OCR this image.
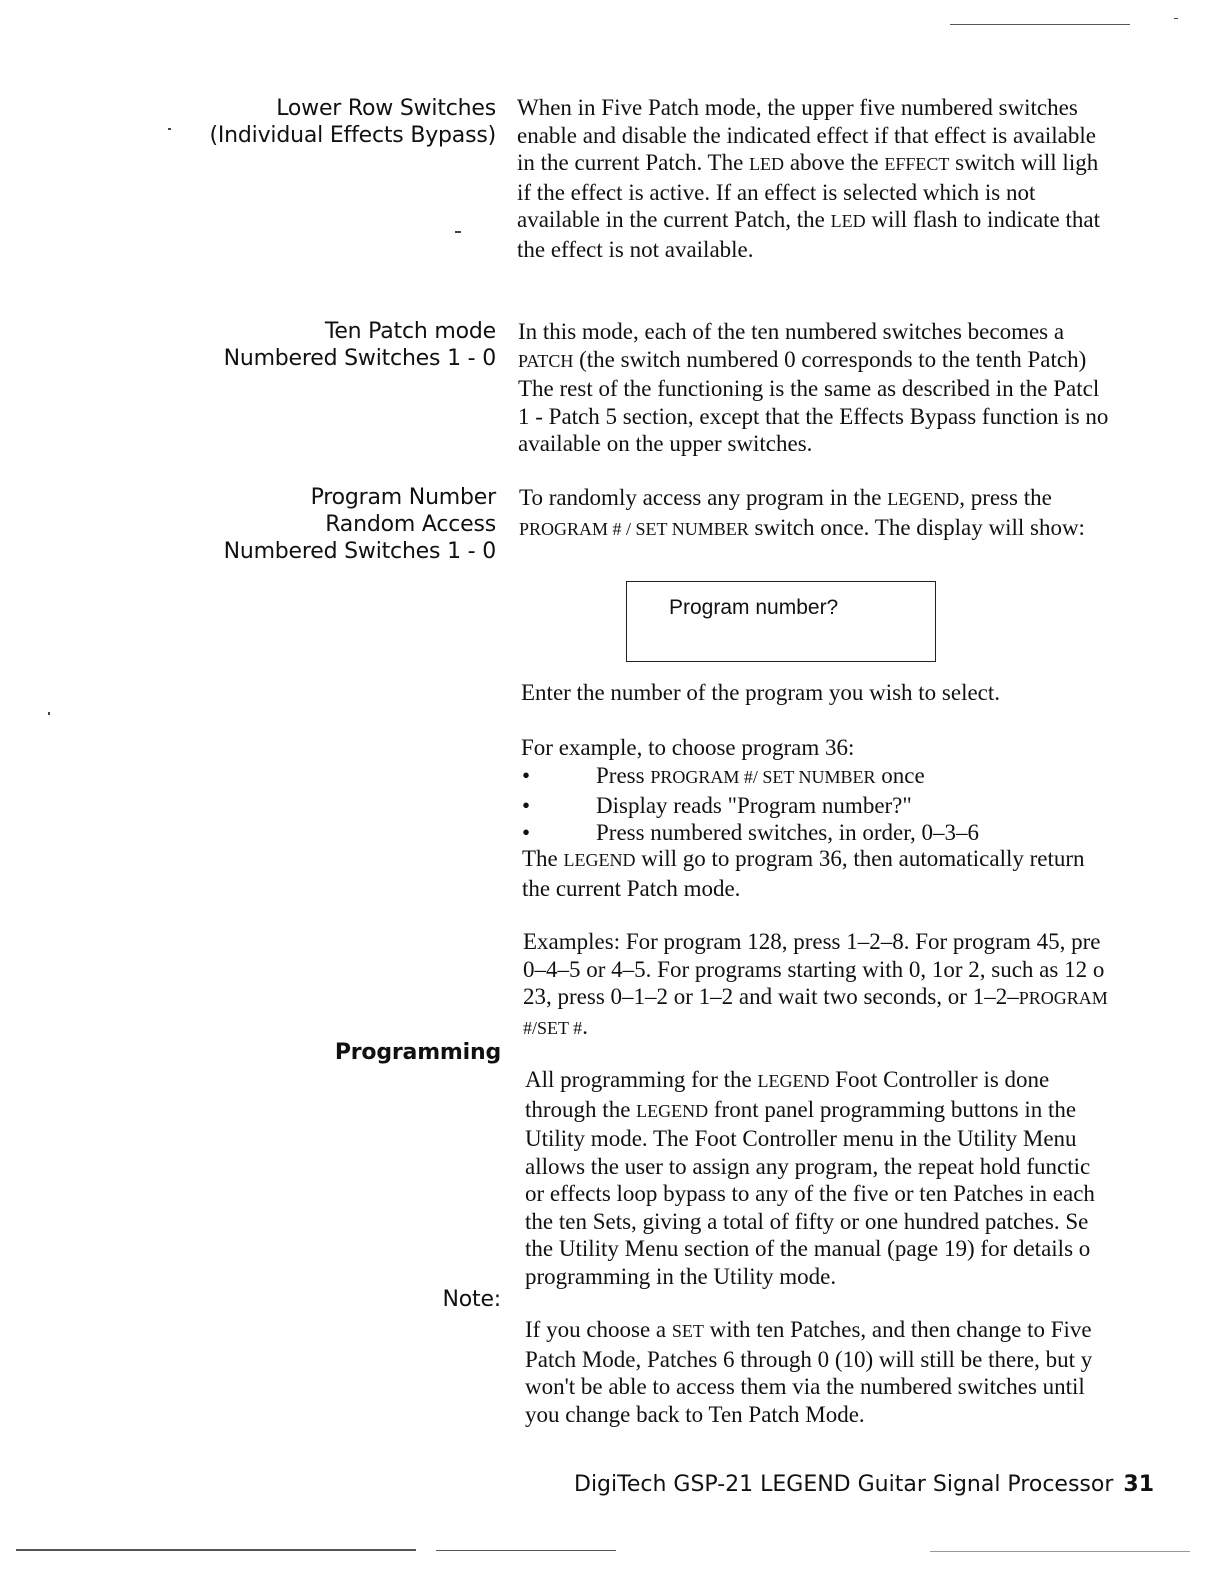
Lower Row Switches
(Individual Effects Bypass)
When in Five Patch mode, the upper five numbered switches
enable and disable the indicated effect if that effect is available
in the current Patch. The LED above the EFFECT switch will ligh
if the effect is active. If an effect is selected which is not
available in the current Patch, the LED will flash to indicate that
the effect is not available.
Ten Patch mode
Numbered Switches 1 - 0
In this mode, each of the ten numbered switches becomes a
PATCH (the switch numbered 0 corresponds to the tenth Patch)
The rest of the functioning is the same as described in the Patcl
1 - Patch 5 section, except that the Effects Bypass function is no
available on the upper switches.
Program Number
Random Access
Numbered Switches 1 - 0
To randomly access any program in the LEGEND, press the
PROGRAM # / SET NUMBER switch once. The display will show:
Program number?
Enter the number of the program you wish to select.
For example, to choose program 36:
•	Press PROGRAM #/ SET NUMBER once
•	Display reads "Program number?"
•	Press numbered switches, in order, 0–3–6
The LEGEND will go to program 36, then automatically return
the current Patch mode.
Examples: For program 128, press 1–2–8. For program 45, pre
0–4–5 or 4–5. For programs starting with 0, 1or 2, such as 12 o
23, press 0–1–2 or 1–2 and wait two seconds, or 1–2–PROGRAM
#/SET #.
Programming
All programming for the LEGEND Foot Controller is done
through the LEGEND front panel programming buttons in the
Utility mode. The Foot Controller menu in the Utility Menu
allows the user to assign any program, the repeat hold functic
or effects loop bypass to any of the five or ten Patches in each
the ten Sets, giving a total of fifty or one hundred patches. Se
the Utility Menu section of the manual (page 19) for details o
programming in the Utility mode.
Note:
If you choose a SET with ten Patches, and then change to Five
Patch Mode, Patches 6 through 0 (10) will still be there, but y
won't be able to access them via the numbered switches until
you change back to Ten Patch Mode.
DigiTech GSP-21 LEGEND Guitar Signal Processor 31
